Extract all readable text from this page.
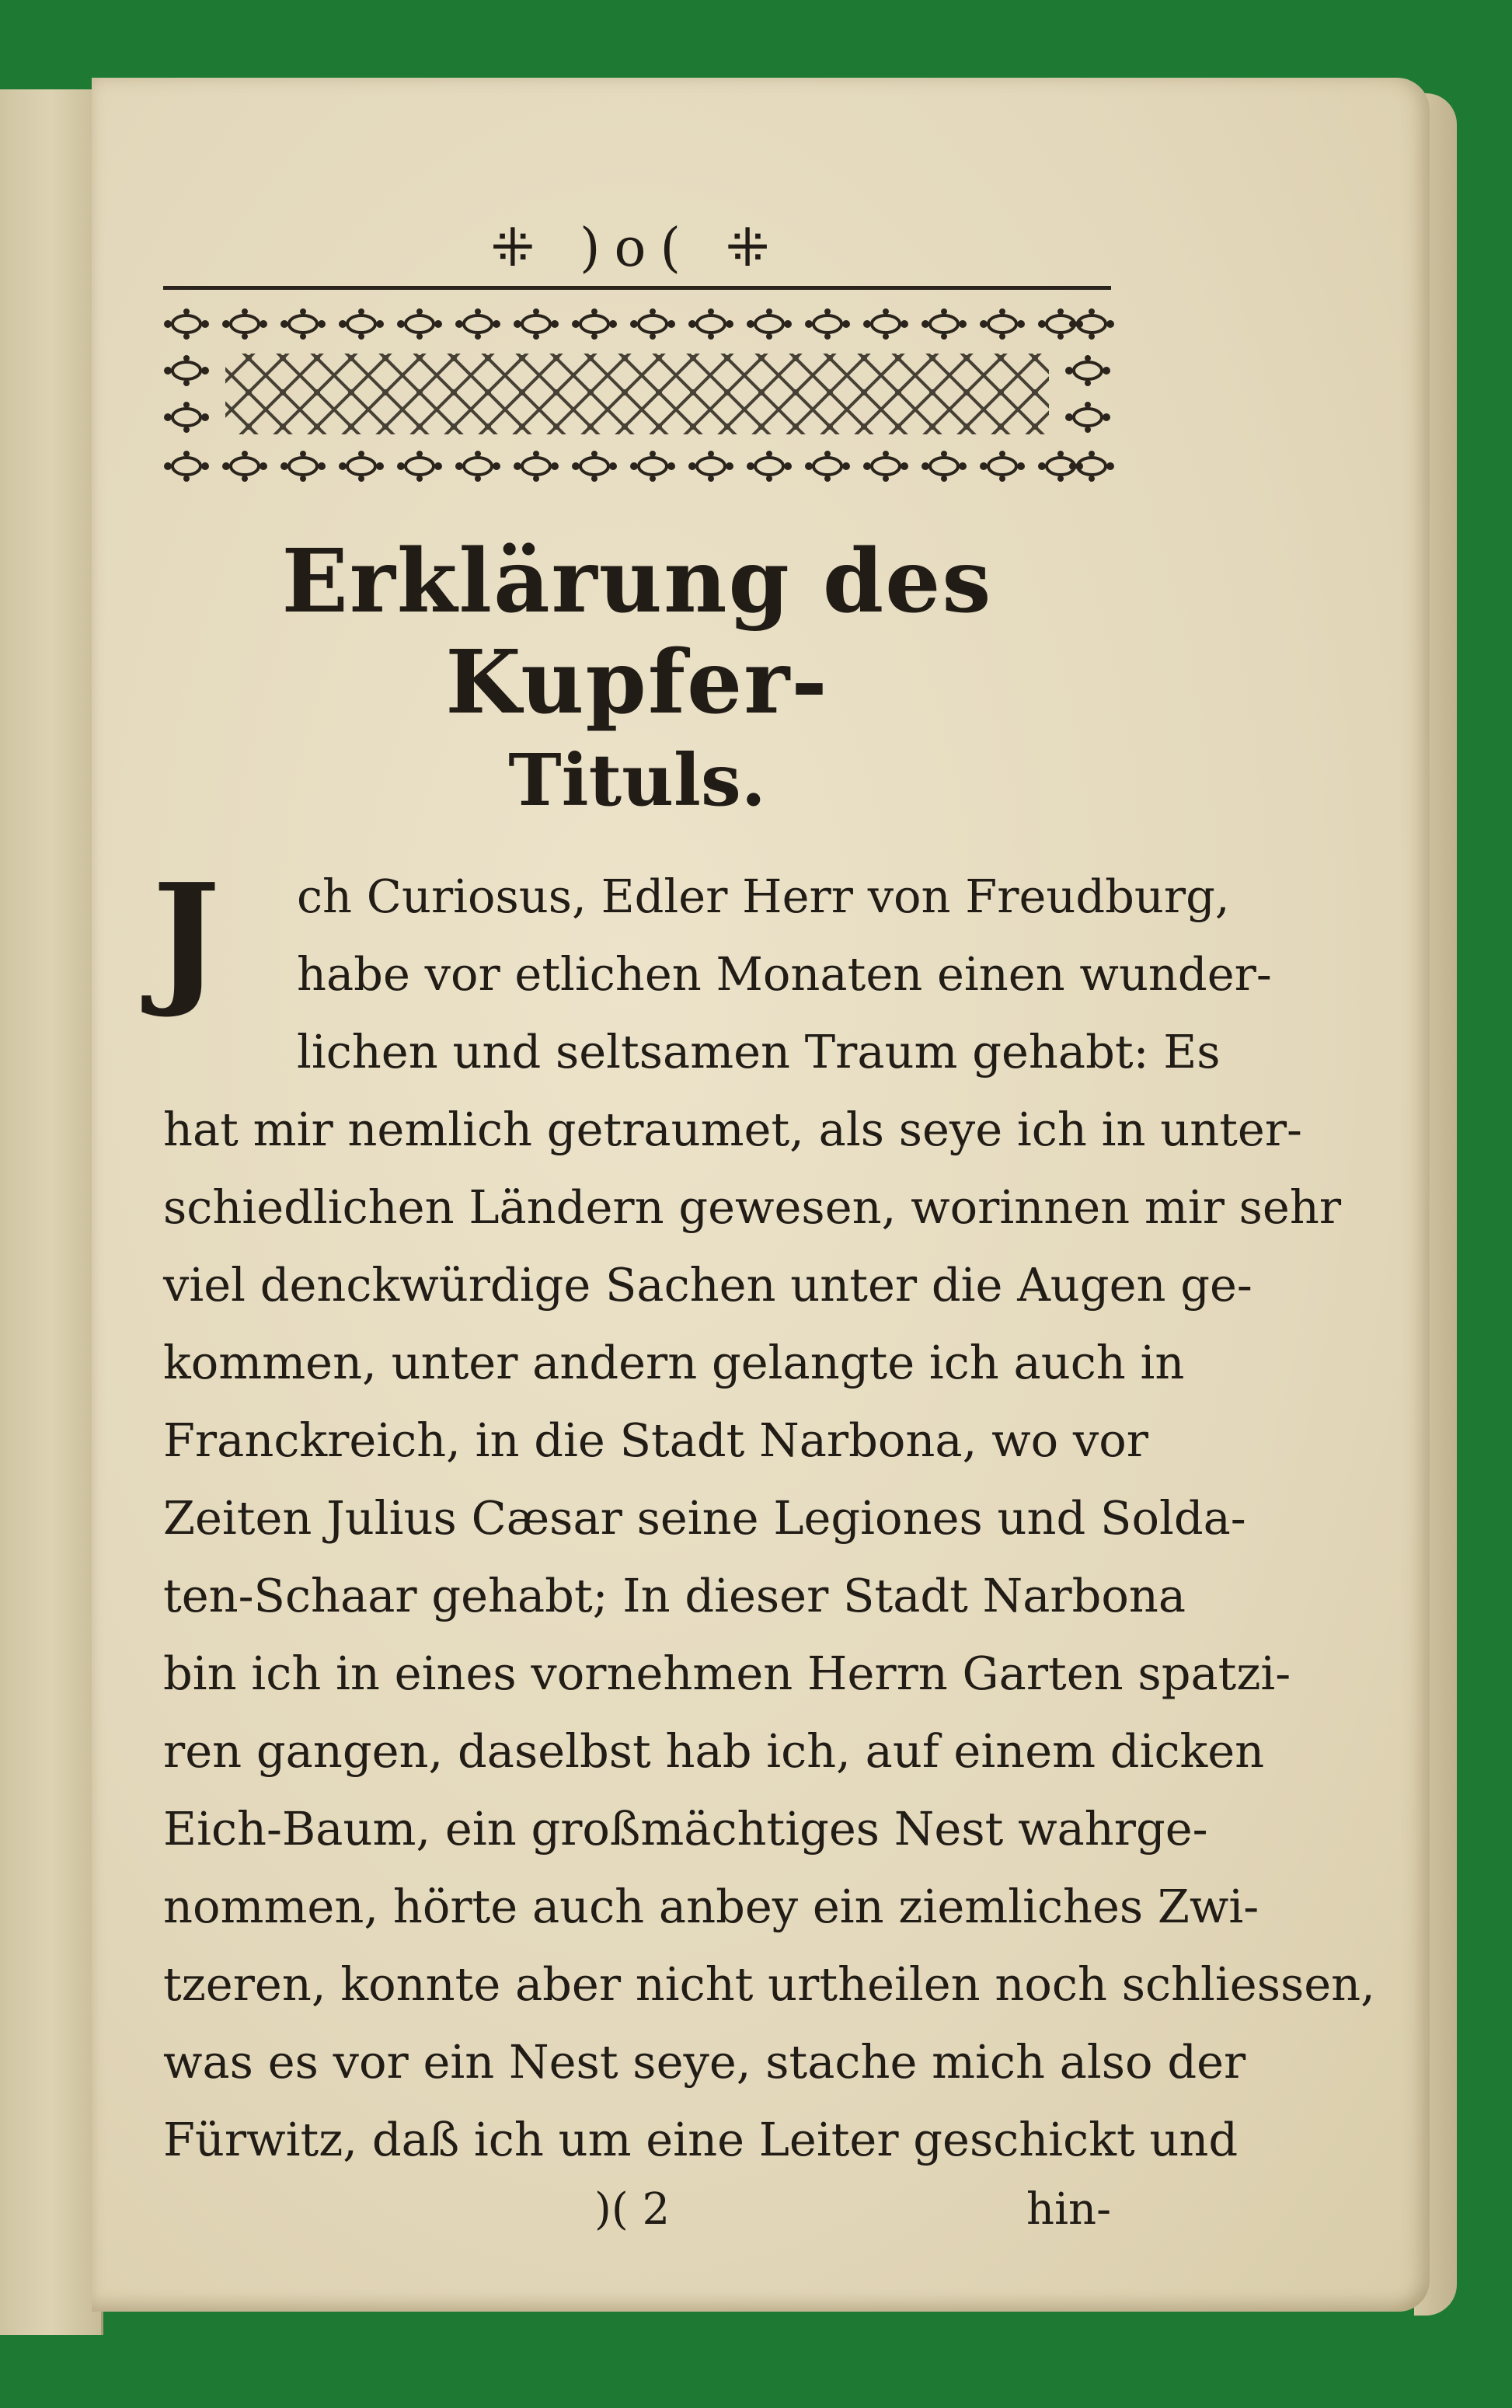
⁜ )o( ⁜
Erklärung des Kupfer-
Tituls.
J	ch Curiosus, Edler Herr von Freudburg,
habe vor etlichen Monaten einen wunder-
lichen und seltsamen Traum gehabt: Es
hat mir nemlich getraumet, als seye ich in unter-
schiedlichen Ländern gewesen, worinnen mir sehr
viel denckwürdige Sachen unter die Augen ge-
kommen, unter andern gelangte ich auch in
Franckreich, in die Stadt Narbona, wo vor
Zeiten Julius Cæsar seine Legiones und Solda-
ten-Schaar gehabt; In dieser Stadt Narbona
bin ich in eines vornehmen Herrn Garten spatzi-
ren gangen, daselbst hab ich, auf einem dicken
Eich-Baum, ein großmächtiges Nest wahrge-
nommen, hörte auch anbey ein ziemliches Zwi-
tzeren, konnte aber nicht urtheilen noch schliessen,
was es vor ein Nest seye, stache mich also der
Fürwitz, daß ich um eine Leiter geschickt und
)( 2	hin-
